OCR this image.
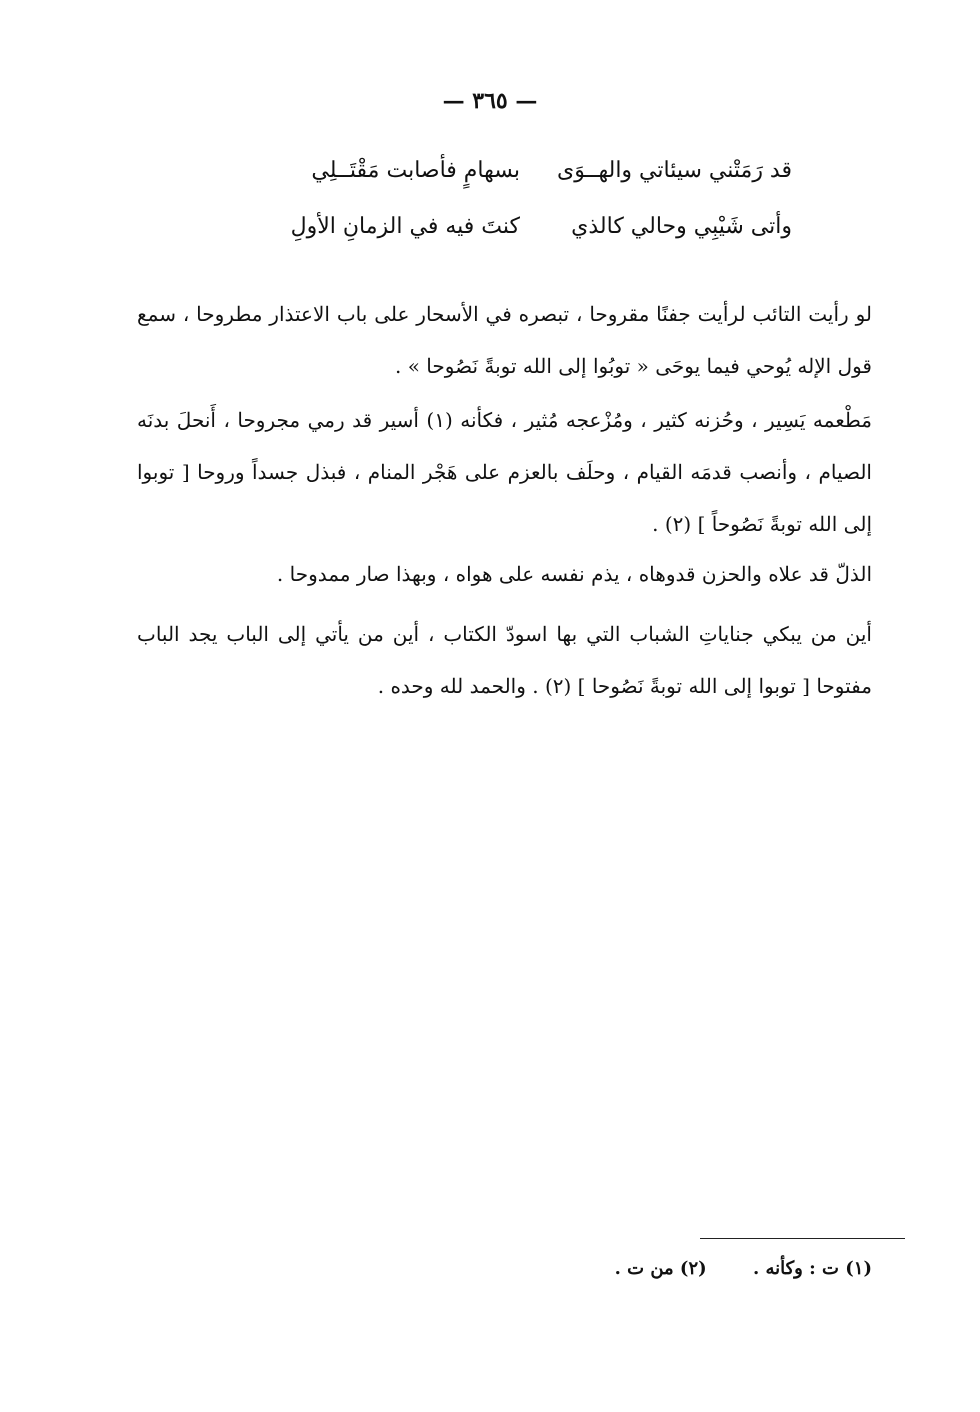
— ٣٦٥ —
قد رَمَتْني سيئاتي والهــوَى
بسهامٍ فأصابت مَقْتَــلِي
وأتى شَيْبِي وحالي كالذي
كنتَ فيه في الزمانِ الأولِ

لو رأيت التائب لرأيت جفنًا مقروحا ، تبصره في الأسحار على باب الاعتذار مطروحا ، سمع قول الإله يُوحي فيما يوحَى « توبُوا إلى الله توبةً نَصُوحا » .

مَطْعمه يَسِير ، وحُزنه كثير ، ومُزْعجه مُثير ، فكأنه (١) أسير قد رمي مجروحا ، أَنحلَ بدنَه الصيام ، وأنصب قدمَه القيام ، وحلَف بالعزم على هَجْر المنام ، فبذل جسداً وروحا [ توبوا إلى الله توبةً نَصُوحاً ] (٢) .

الذلّ قد علاه والحزن قدوهاه ، يذم نفسه على هواه ، وبهذا صار ممدوحا .

أين من يبكي جناياتِ الشباب التي بها اسودّ الكتاب ، أين من يأتي إلى الباب يجد الباب مفتوحا [ توبوا إلى الله توبةً نَصُوحا ] (٢) . والحمد لله وحده .

(١) ت : وكأنه . (٢) من ت .
